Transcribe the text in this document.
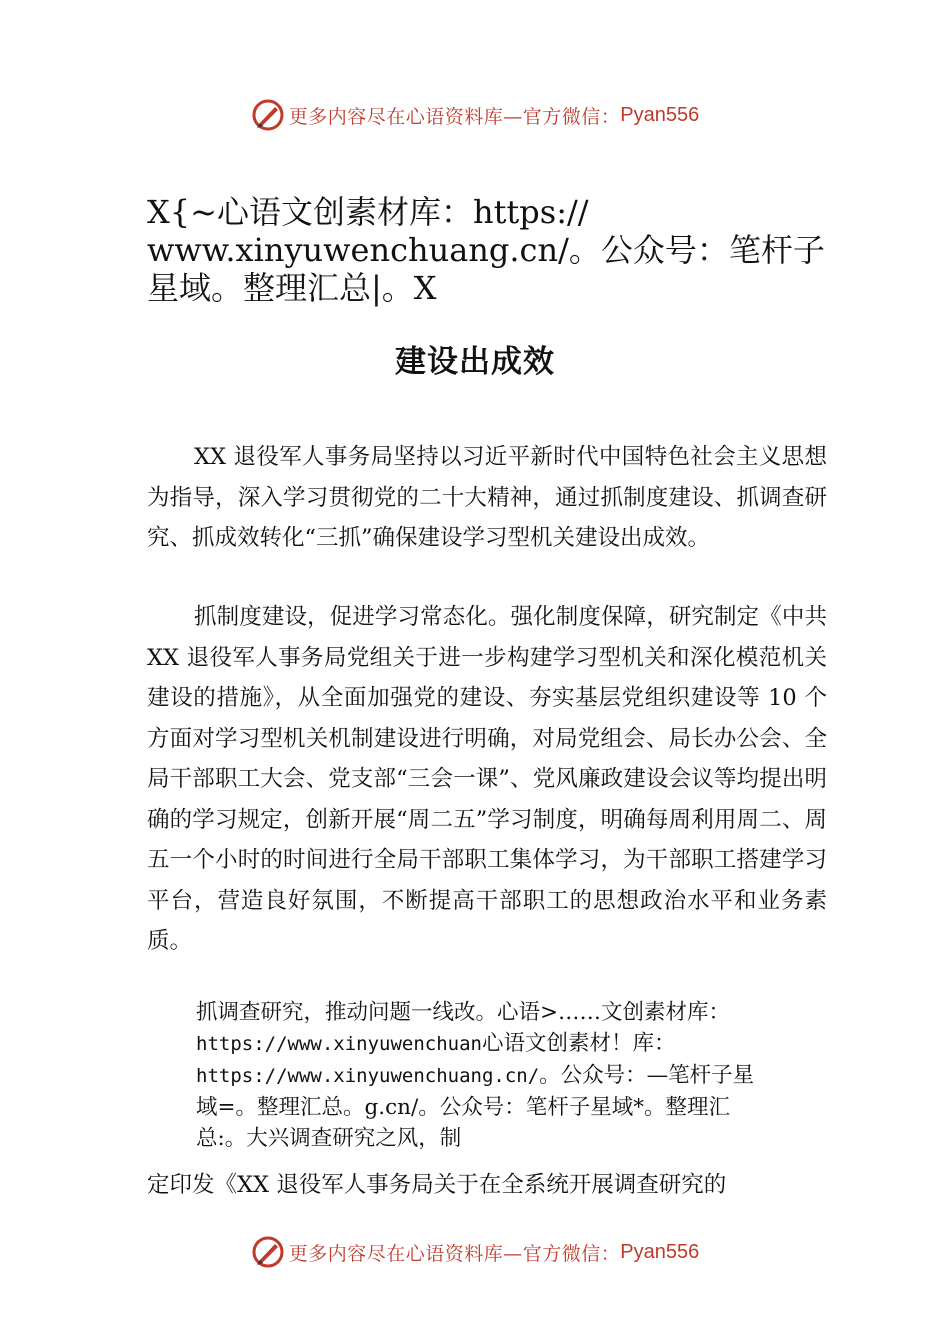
更多内容尽在心语资料库—官方微信： Pyan556
X{~心语文创素材库：https:// www.xinyuwenchuang.cn/。公众号：笔杆子星域。整理汇总|。X
建设出成效

XX 退役军人事务局坚持以习近平新时代中国特色社会主义思想为指导，深入学习贯彻党的二十大精神，通过抓制度建设、抓调查研究、抓成效转化“三抓”确保建设学习型机关建设出成效。

抓制度建设，促进学习常态化。强化制度保障，研究制定《中共 XX 退役军人事务局党组关于进一步构建学习型机关和深化模范机关建设的措施》，从全面加强党的建设、夯实基层党组织建设等 10 个方面对学习型机关机制建设进行明确，对局党组会、局长办公会、全局干部职工大会、党支部“三会一课”、党风廉政建设会议等均提出明确的学习规定，创新开展“周二五”学习制度，明确每周利用周二、周五一个小时的时间进行全局干部职工集体学习，为干部职工搭建学习平台，营造良好氛围，不断提高干部职工的思想政治水平和业务素质。

抓调查研究，推动问题一线改。心语>……文创素材库：
https://www.xinyuwenchuan心语文创素材！库：
https://www.xinyuwenchuang.cn/。公众号：—笔杆子星
域=。整理汇总。g.cn/。公众号：笔杆子星域*。整理汇
总:。大兴调查研究之风，制
定印发《XX 退役军人事务局关于在全系统开展调查研究的
更多内容尽在心语资料库—官方微信： Pyan556
